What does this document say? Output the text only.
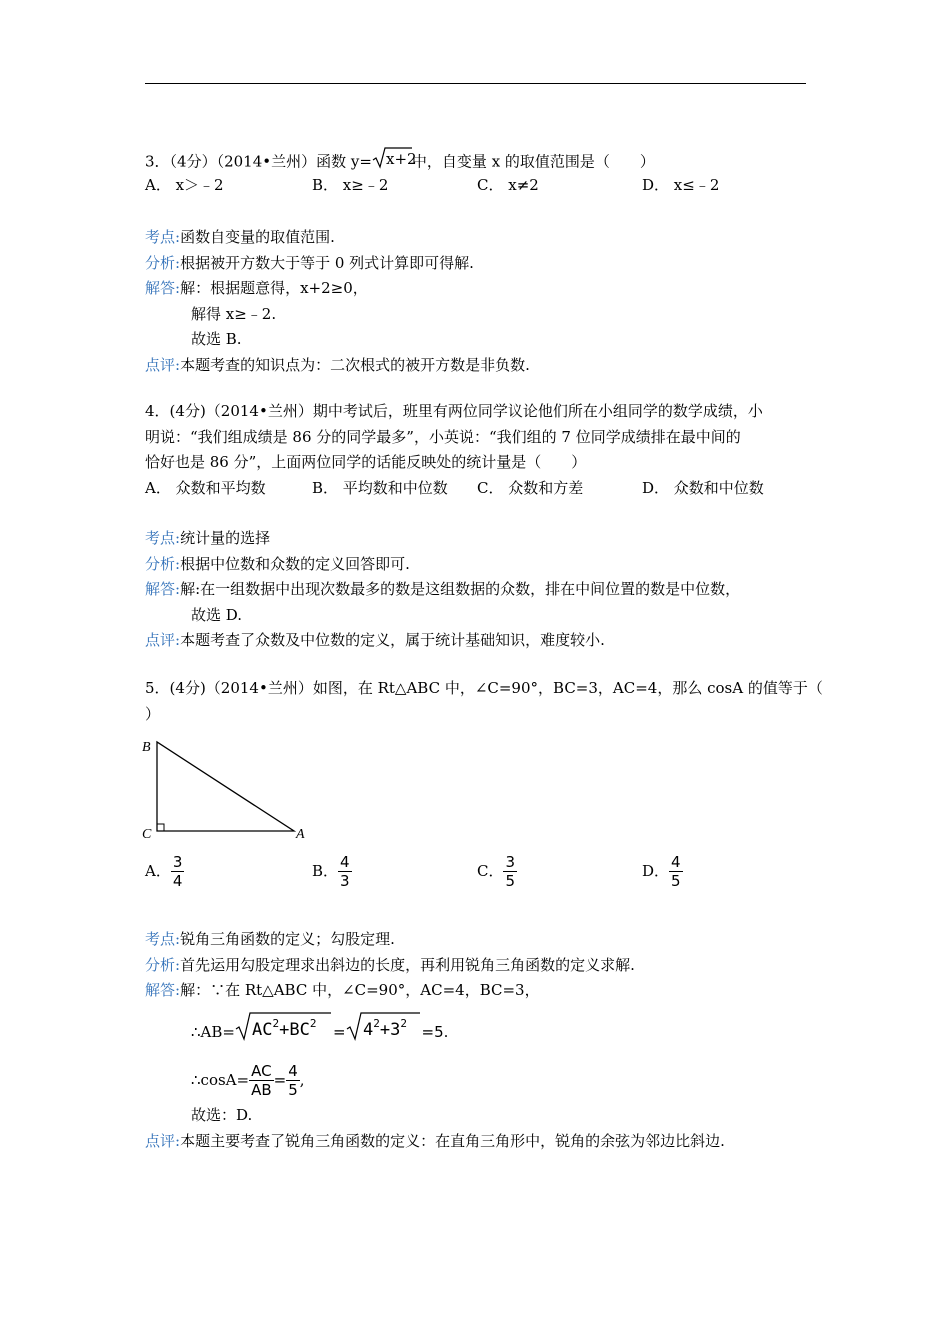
3．（4分）（2014•兰州）函数 y= x+2
中，自变量 x 的取值范围是（　　）
A． x＞﹣2	B． x≥﹣2	C． x≠2	D． x≤﹣2
考点:函数自变量的取值范围.
分析:根据被开方数大于等于 0 列式计算即可得解.
解答:解：根据题意得，x+2≥0，
解得 x≥﹣2.
故选 B.
点评:本题考查的知识点为：二次根式的被开方数是非负数.
4．(4分)（2014•兰州）期中考试后，班里有两位同学议论他们所在小组同学的数学成绩，小
明说：“我们组成绩是 86 分的同学最多”，小英说：“我们组的 7 位同学成绩排在最中间的
恰好也是 86 分”，上面两位同学的话能反映处的统计量是（　　）
A． 众数和平均数	B． 平均数和中位数 C． 众数和方差	D． 众数和中位数
考点:统计量的选择
分析:根据中位数和众数的定义回答即可.
解答:解:在一组数据中出现次数最多的数是这组数据的众数，排在中间位置的数是中位数，
故选 D.
点评:本题考查了众数及中位数的定义，属于统计基础知识，难度较小.
5．(4分)（2014•兰州）如图，在 Rt△ABC 中，∠C=90°，BC=3，AC=4，那么 cosA 的值等于（
）
B
C	A
A． $\frac{3}{4}$	B． $\frac{4}{3}$	C． $\frac{3}{5}$	D． $\frac{4}{5}$
考点:锐角三角函数的定义；勾股定理.
分析:首先运用勾股定理求出斜边的长度，再利用锐角三角函数的定义求解.
解答:解：∵在 Rt△ABC 中，∠C=90°，AC=4，BC=3，
∴AB= $AC^2+BC^2 = 4^2+3^2 =5$.
∴cosA= $\frac{AC}{AB} = \frac{4}{5}$ ,
故选：D.
点评:本题主要考查了锐角三角函数的定义：在直角三角形中，锐角的余弦为邻边比斜边.
